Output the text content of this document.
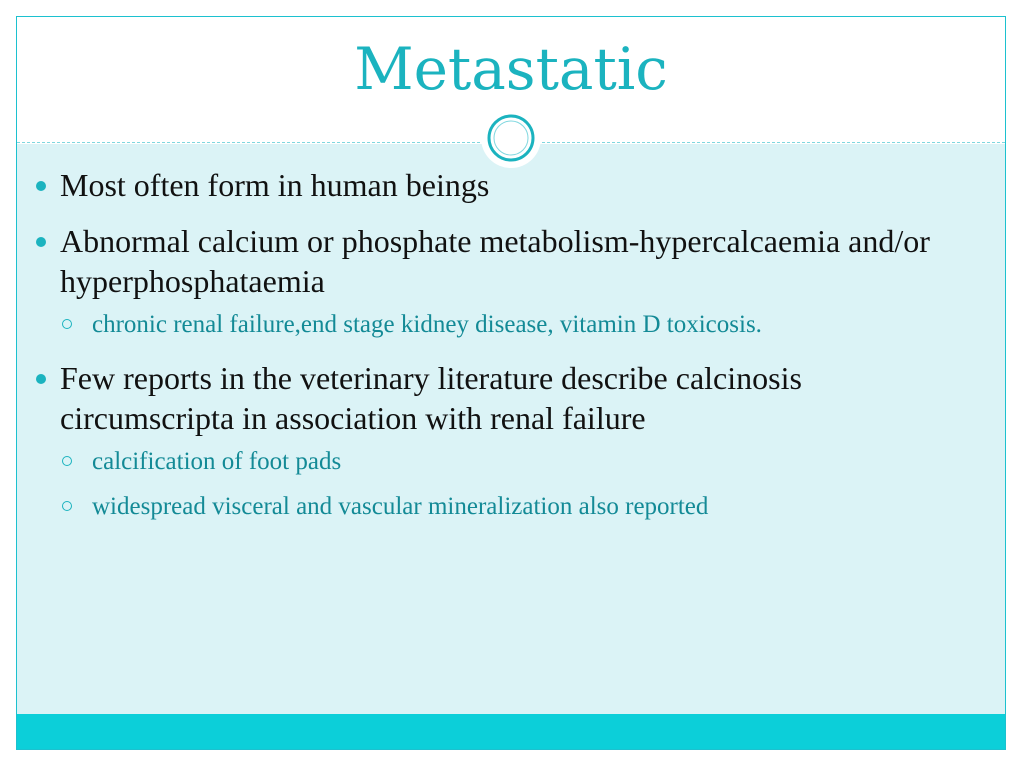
Metastatic
Most often form in human beings
Abnormal calcium or phosphate metabolism-hypercalcaemia and/or hyperphosphataemia
chronic renal failure,end stage kidney disease, vitamin D toxicosis.
Few reports in the veterinary literature describe calcinosis circumscripta in association with renal failure
calcification of foot pads
widespread visceral and vascular mineralization also reported
